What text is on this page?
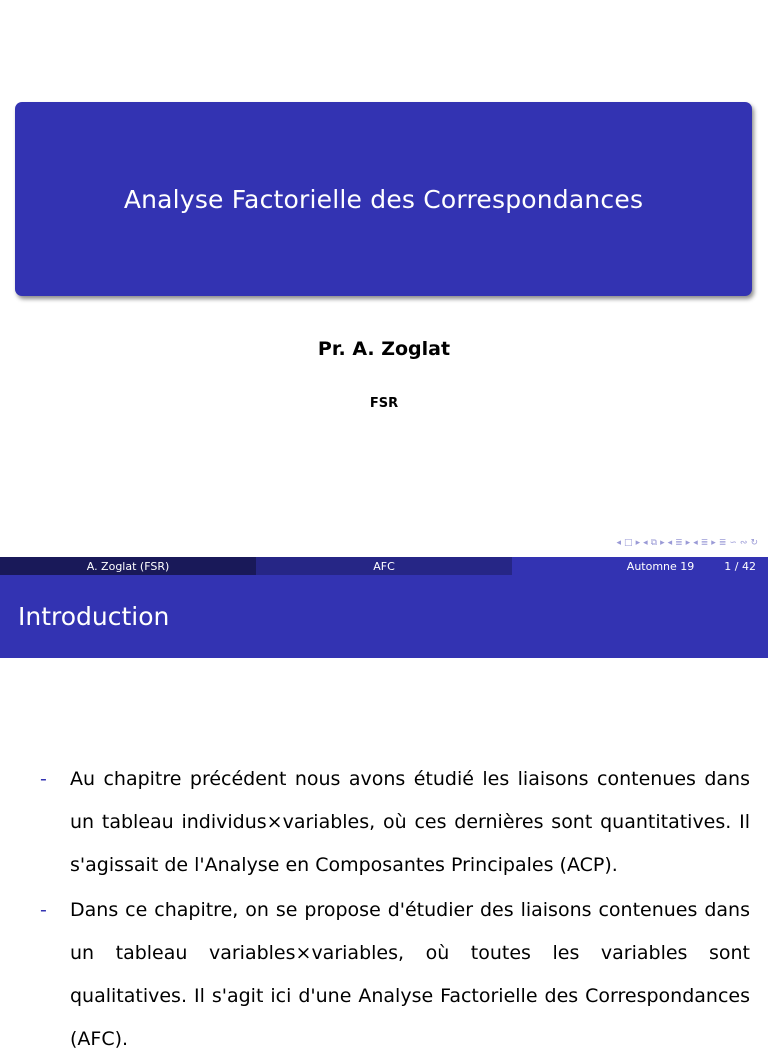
Analyse Factorielle des Correspondances
Pr. A. Zoglat
FSR
◂ □ ▸ ◂ ⧉ ▸ ◂ ≣ ▸ ◂ ≣ ▸ ≣ ∽ ∾ ↻
A. Zoglat (FSR)	AFC	Automne 19	1 / 42
Introduction
-	Au chapitre précédent nous avons étudié les liaisons contenues dans un tableau individus×variables, où ces dernières sont quantitatives. Il s'agissait de l'Analyse en Composantes Principales (ACP).
-	Dans ce chapitre, on se propose d'étudier des liaisons contenues dans un tableau variables×variables, où toutes les variables sont qualitatives. Il s'agit ici d'une Analyse Factorielle des Correspondances (AFC).
